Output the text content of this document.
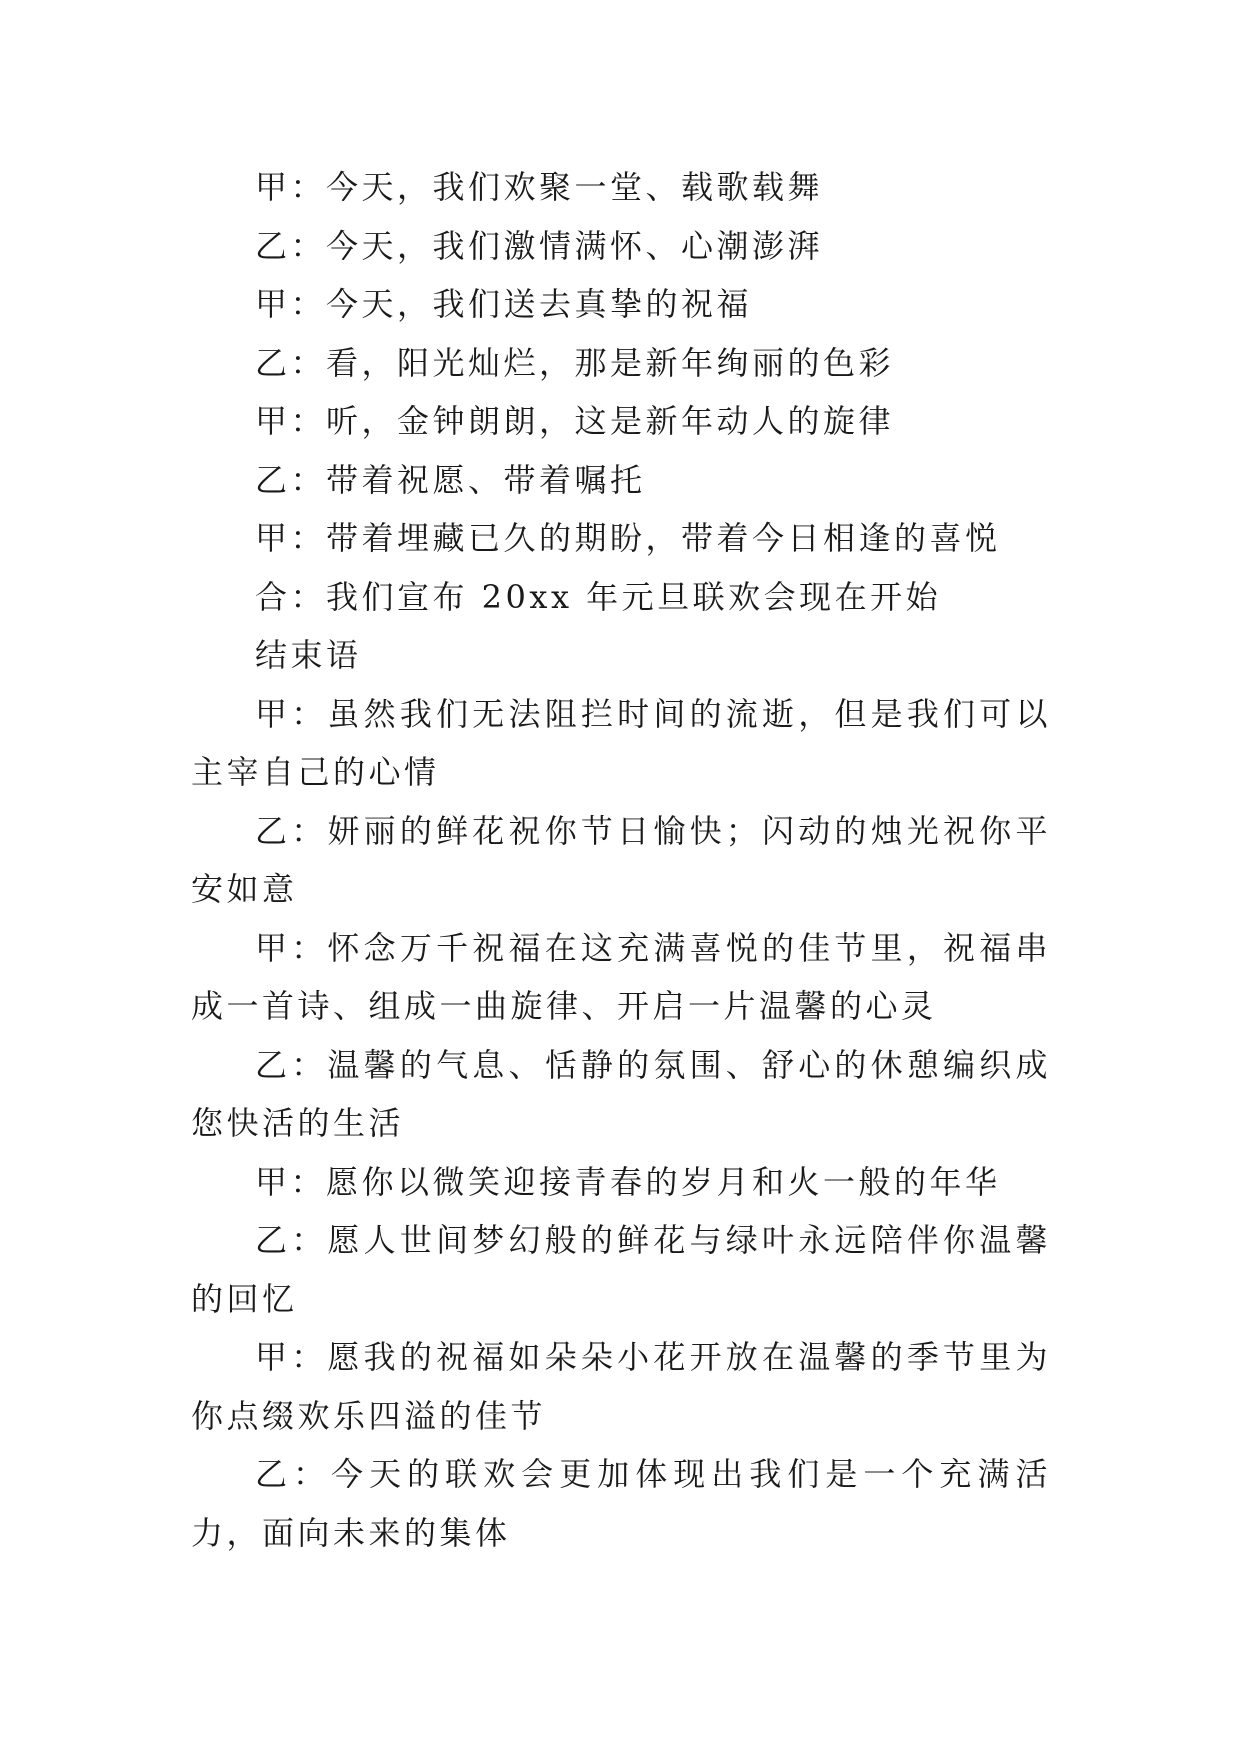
甲：今天，我们欢聚一堂、载歌载舞

乙：今天，我们激情满怀、心潮澎湃

甲：今天，我们送去真挚的祝福

乙：看，阳光灿烂，那是新年绚丽的色彩

甲：听，金钟朗朗，这是新年动人的旋律

乙：带着祝愿、带着嘱托

甲：带着埋藏已久的期盼，带着今日相逢的喜悦

合：我们宣布 20xx 年元旦联欢会现在开始

结束语

甲：虽然我们无法阻拦时间的流逝，但是我们可以主宰自己的心情

乙：妍丽的鲜花祝你节日愉快；闪动的烛光祝你平安如意

甲：怀念万千祝福在这充满喜悦的佳节里，祝福串成一首诗、组成一曲旋律、开启一片温馨的心灵

乙：温馨的气息、恬静的氛围、舒心的休憩编织成您快活的生活

甲：愿你以微笑迎接青春的岁月和火一般的年华

乙：愿人世间梦幻般的鲜花与绿叶永远陪伴你温馨的回忆

甲：愿我的祝福如朵朵小花开放在温馨的季节里为你点缀欢乐四溢的佳节

乙：今天的联欢会更加体现出我们是一个充满活力，面向未来的集体
